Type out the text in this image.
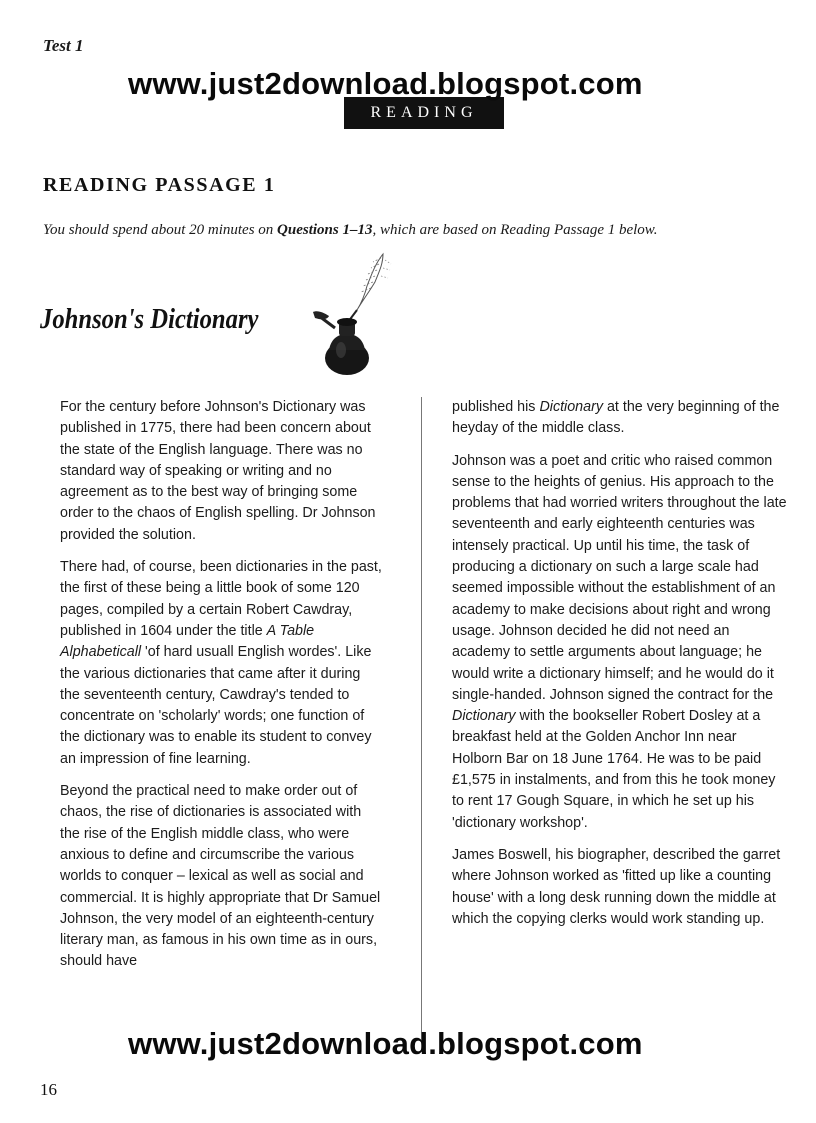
Test 1
www.just2download.blogspot.com
READING
READING PASSAGE 1
You should spend about 20 minutes on Questions 1–13, which are based on Reading Passage 1 below.
Johnson's Dictionary

For the century before Johnson's Dictionary was published in 1775, there had been concern about the state of the English language. There was no standard way of speaking or writing and no agreement as to the best way of bringing some order to the chaos of English spelling. Dr Johnson provided the solution.

There had, of course, been dictionaries in the past, the first of these being a little book of some 120 pages, compiled by a certain Robert Cawdray, published in 1604 under the title A Table Alphabeticall 'of hard usuall English wordes'. Like the various dictionaries that came after it during the seventeenth century, Cawdray's tended to concentrate on 'scholarly' words; one function of the dictionary was to enable its student to convey an impression of fine learning.

Beyond the practical need to make order out of chaos, the rise of dictionaries is associated with the rise of the English middle class, who were anxious to define and circumscribe the various worlds to conquer – lexical as well as social and commercial. It is highly appropriate that Dr Samuel Johnson, the very model of an eighteenth-century literary man, as famous in his own time as in ours, should have

published his Dictionary at the very beginning of the heyday of the middle class.

Johnson was a poet and critic who raised common sense to the heights of genius. His approach to the problems that had worried writers throughout the late seventeenth and early eighteenth centuries was intensely practical. Up until his time, the task of producing a dictionary on such a large scale had seemed impossible without the establishment of an academy to make decisions about right and wrong usage. Johnson decided he did not need an academy to settle arguments about language; he would write a dictionary himself; and he would do it single-handed. Johnson signed the contract for the Dictionary with the bookseller Robert Dosley at a breakfast held at the Golden Anchor Inn near Holborn Bar on 18 June 1764. He was to be paid £1,575 in instalments, and from this he took money to rent 17 Gough Square, in which he set up his 'dictionary workshop'.

James Boswell, his biographer, described the garret where Johnson worked as 'fitted up like a counting house' with a long desk running down the middle at which the copying clerks would work standing up.

www.just2download.blogspot.com
16
